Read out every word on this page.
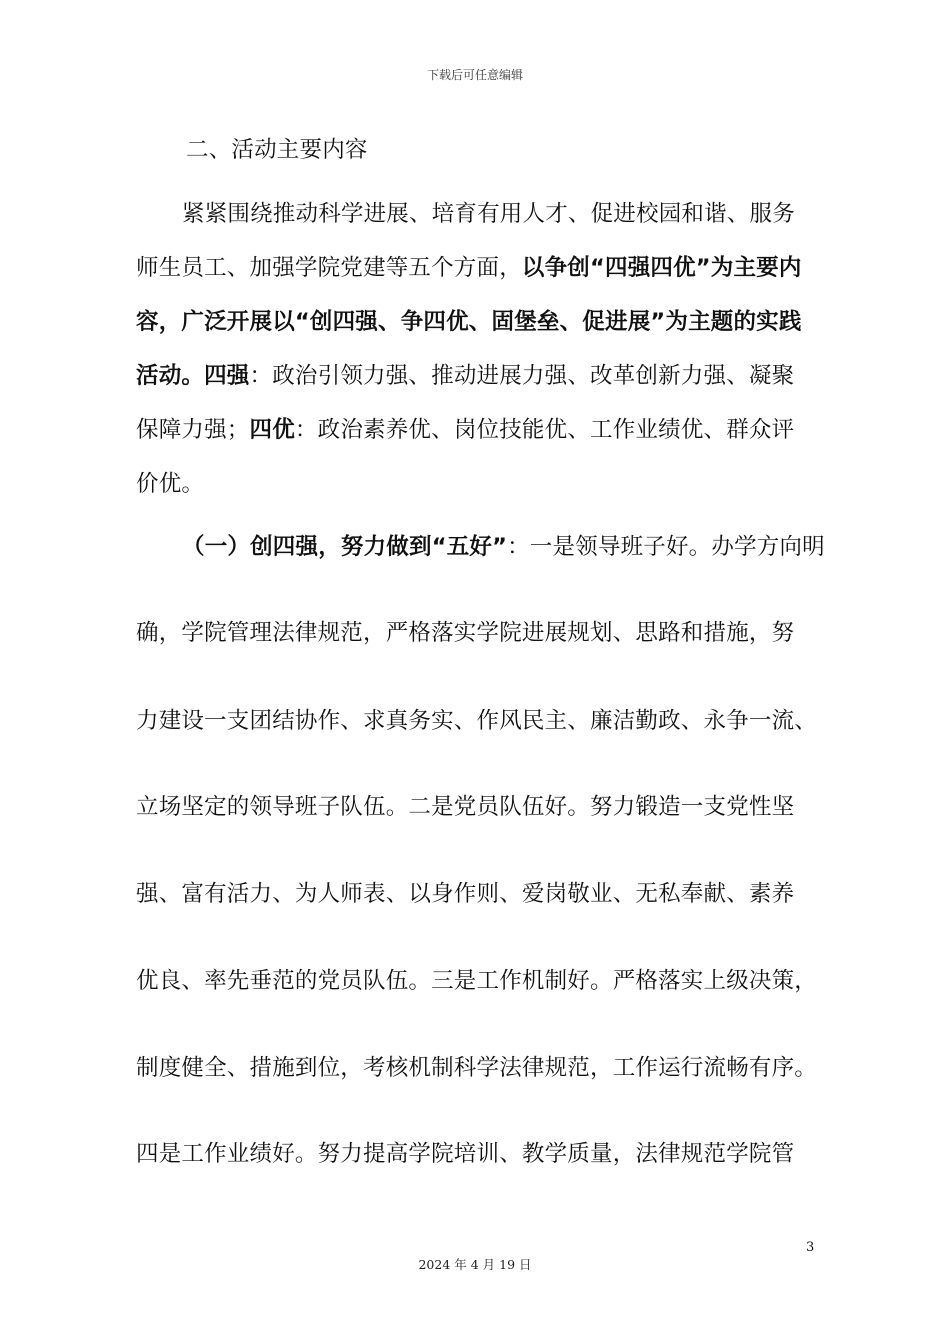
下载后可任意编辑
二、活动主要内容
紧紧围绕推动科学进展、培育有用人才、促进校园和谐、服务
师生员工、加强学院党建等五个方面，以争创“四强四优”为主要内
容，广泛开展以“创四强、争四优、固堡垒、促进展”为主题的实践
活动。四强：政治引领力强、推动进展力强、改革创新力强、凝聚
保障力强；四优：政治素养优、岗位技能优、工作业绩优、群众评
价优。
（一）创四强，努力做到“五好”：一是领导班子好。办学方向明
确，学院管理法律规范，严格落实学院进展规划、思路和措施，努
力建设一支团结协作、求真务实、作风民主、廉洁勤政、永争一流、
立场坚定的领导班子队伍。二是党员队伍好。努力锻造一支党性坚
强、富有活力、为人师表、以身作则、爱岗敬业、无私奉献、素养
优良、率先垂范的党员队伍。三是工作机制好。严格落实上级决策，
制度健全、措施到位，考核机制科学法律规范，工作运行流畅有序。
四是工作业绩好。努力提高学院培训、教学质量，法律规范学院管
3
2024 年 4 月 19 日
